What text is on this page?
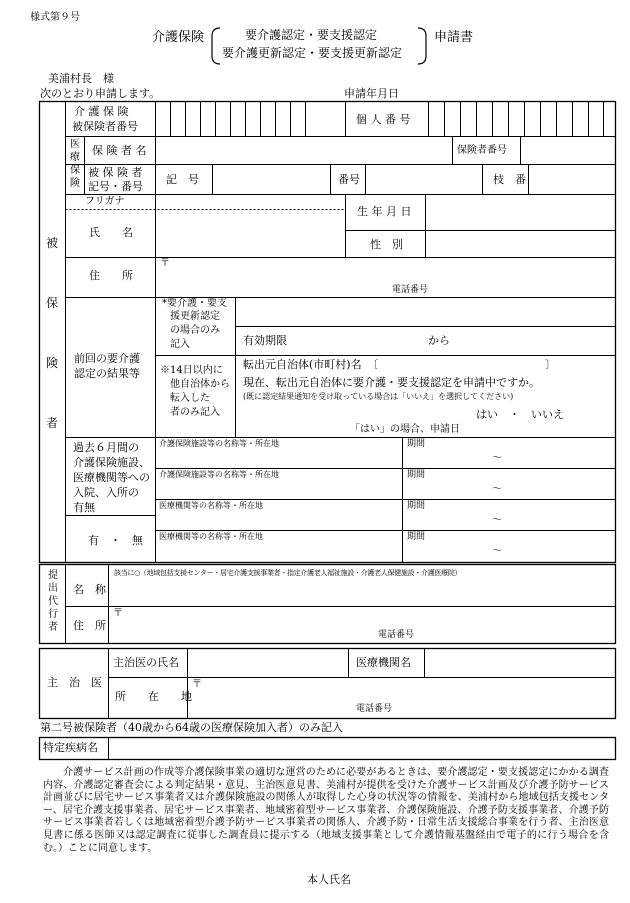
様式第９号
介護保険	要介護認定・要支援認定
要介護更新認定・要支援更新認定
申請書
美浦村長　様
次のとおり申請します。	申請年月日
被
保
険
者
介 護 保 険
被保険者番号
個 人 番 号
医
療
保
険
保 険 者 名	保険者番号
被 保 険 者
記号・番号
記　号	番号	枝　番
フリガナ
氏　　名
生 年 月 日
性　別
住　　所
〒
電話番号
前回の要介護
認定の結果等
*要介護・要支
援更新認定
の場合のみ
記入	有効期限	から
※14日以内に
他自治体から
転入した
者のみ記入
転出元自治体(市町村)名　〔	〕
現在、転出元自治体に要介護・要支援認定を申請中ですか。
(既に認定結果通知を受け取っている場合は「いいえ」を選択してください)
はい　・　いいえ
「はい」の場合、申請日
過去６月間の
介護保険施設、
医療機関等への
入院、入所の
有無
有　・　無
介護保険施設等の名称等・所在地	期間
～
介護保険施設等の名称等・所在地	期間
～
医療機関等の名称等・所在地	期間
～
医療機関等の名称等・所在地	期間
～
提
出
代
行
者
名　称
該当に○（地域包括支援センター・居宅介護支援事業者・指定介護老人福祉施設・介護老人保健施設・介護医療院）
住　所
〒
電話番号
主　治　医
主治医の氏名	医療機関名
所　　在　　地
〒
電話番号
第二号被保険者（40歳から64歳の医療保険加入者）のみ記入
特定疾病名
介護サービス計画の作成等介護保険事業の適切な運営のために必要があるときは、要介護認定・要支援認定にかかる調査内容、介護認定審査会による判定結果・意見、主治医意見書、美浦村が提供を受けた介護サービス計画及び介護予防サービス計画並びに居宅サービス事業者又は介護保険施設の関係人が取得した心身の状況等の情報を、美浦村から地域包括支援センター、居宅介護支援事業者、居宅サービス事業者、地域密着型サービス事業者、介護保険施設、介護予防支援事業者、介護予防サービス事業者若しくは地域密着型介護予防サービス事業者の関係人、介護予防・日常生活支援総合事業を行う者、主治医意見書に係る医師又は認定調査に従事した調査員に提示する（地域支援事業として介護情報基盤経由で電子的に行う場合を含む。）ことに同意します。
本人氏名
